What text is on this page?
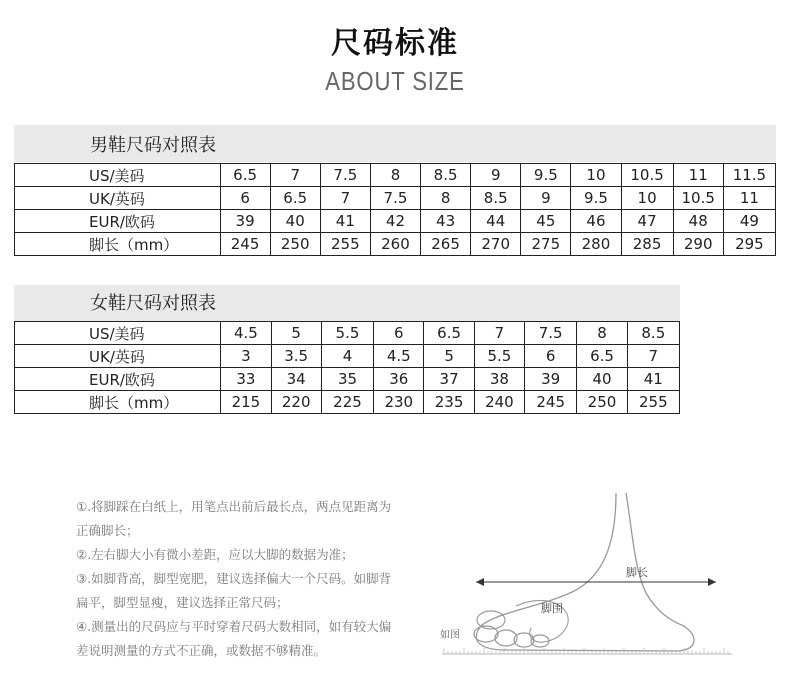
尺码标准
ABOUT SIZE
男鞋尺码对照表
US/美码	6.5	7	7.5	8	8.5	9	9.5	10	10.5	11	11.5
UK/英码	6	6.5	7	7.5	8	8.5	9	9.5	10	10.5	11
EUR/欧码	39	40	41	42	43	44	45	46	47	48	49
脚长（mm）	245	250	255	260	265	270	275	280	285	290	295
女鞋尺码对照表
US/美码	4.5	5	5.5	6	6.5	7	7.5	8	8.5
UK/英码	3	3.5	4	4.5	5	5.5	6	6.5	7
EUR/欧码	33	34	35	36	37	38	39	40	41
脚长（mm）	215	220	225	230	235	240	245	250	255

①.将脚踩在白纸上，用笔点出前后最长点，两点见距离为

正确脚长；

②.左右脚大小有微小差距，应以大脚的数据为准；

③.如脚背高，脚型宽肥，建议选择偏大一个尺码。如脚背

扁平，脚型显瘦，建议选择正常尺码；

④.测量出的尺码应与平时穿着尺码大数相同，如有较大偏

差说明测量的方式不正确，或数据不够精准。

脚长
脚围
如图
